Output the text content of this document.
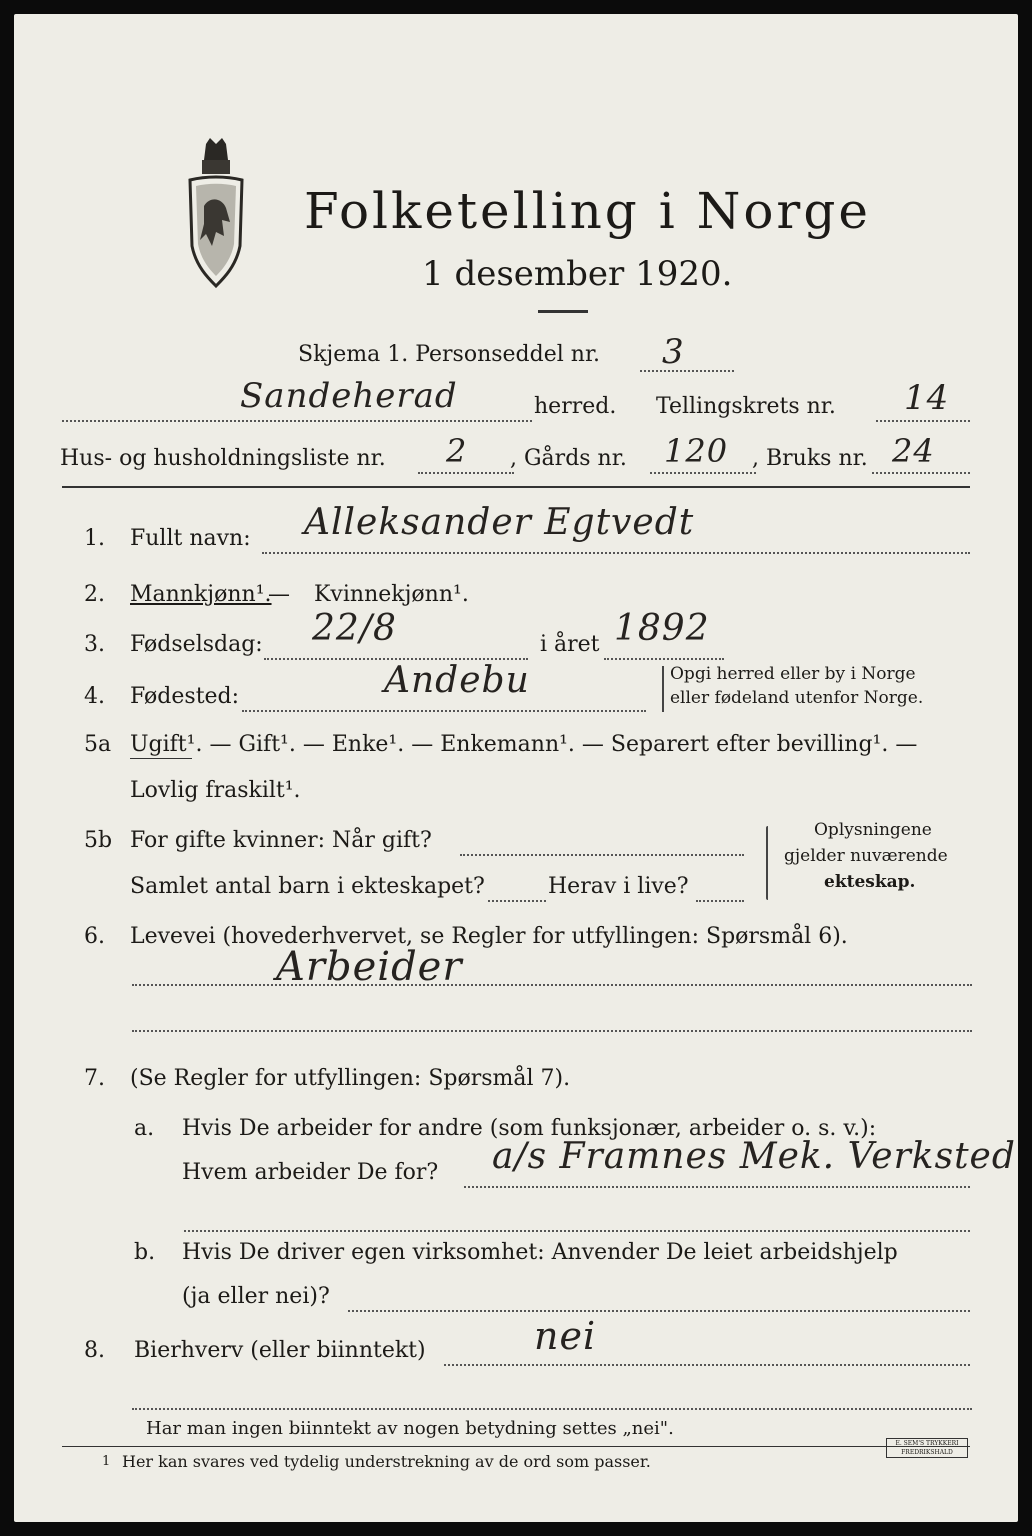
Folketelling i Norge
1 desember 1920.
Skjema 1. Personseddel nr. 3
Sandeherad	herred. Tellingskrets nr. 14
Hus- og husholdningsliste nr. 2 , Gårds nr. 120 , Bruks nr. 24
1. Fullt navn: Alleksander Egtvedt
2. Mannkjønn¹.
— Kvinnekjønn¹.
3. Fødselsdag: 22/8	i året 1892
4. Fødested:	Andebu	Opgi herred eller by i Norge
eller fødeland utenfor Norge.
5a Ugift¹. — Gift¹. — Enke¹. — Enkemann¹. — Separert efter bevilling¹. —
Lovlig fraskilt¹.
5b For gifte kvinner: Når gift?
Samlet antal barn i ekteskapet?	Herav i live?
Oplysningene
gjelder nuværende
ekteskap.
6. Levevei (hovederhvervet, se Regler for utfyllingen: Spørsmål 6).
Arbeider
7. (Se Regler for utfyllingen: Spørsmål 7).
a. Hvis De arbeider for andre (som funksjonær, arbeider o. s. v.):
Hvem arbeider De for? a/s Framnes Mek. Verksted
b. Hvis De driver egen virksomhet: Anvender De leiet arbeidshjelp
(ja eller nei)?
8. Bierhverv (eller biinntekt)	nei
Har man ingen biinntekt av nogen betydning settes „nei".
1 Her kan svares ved tydelig understrekning av de ord som passer.
E. SEM'S TRYKKERI FREDRIKSHALD
